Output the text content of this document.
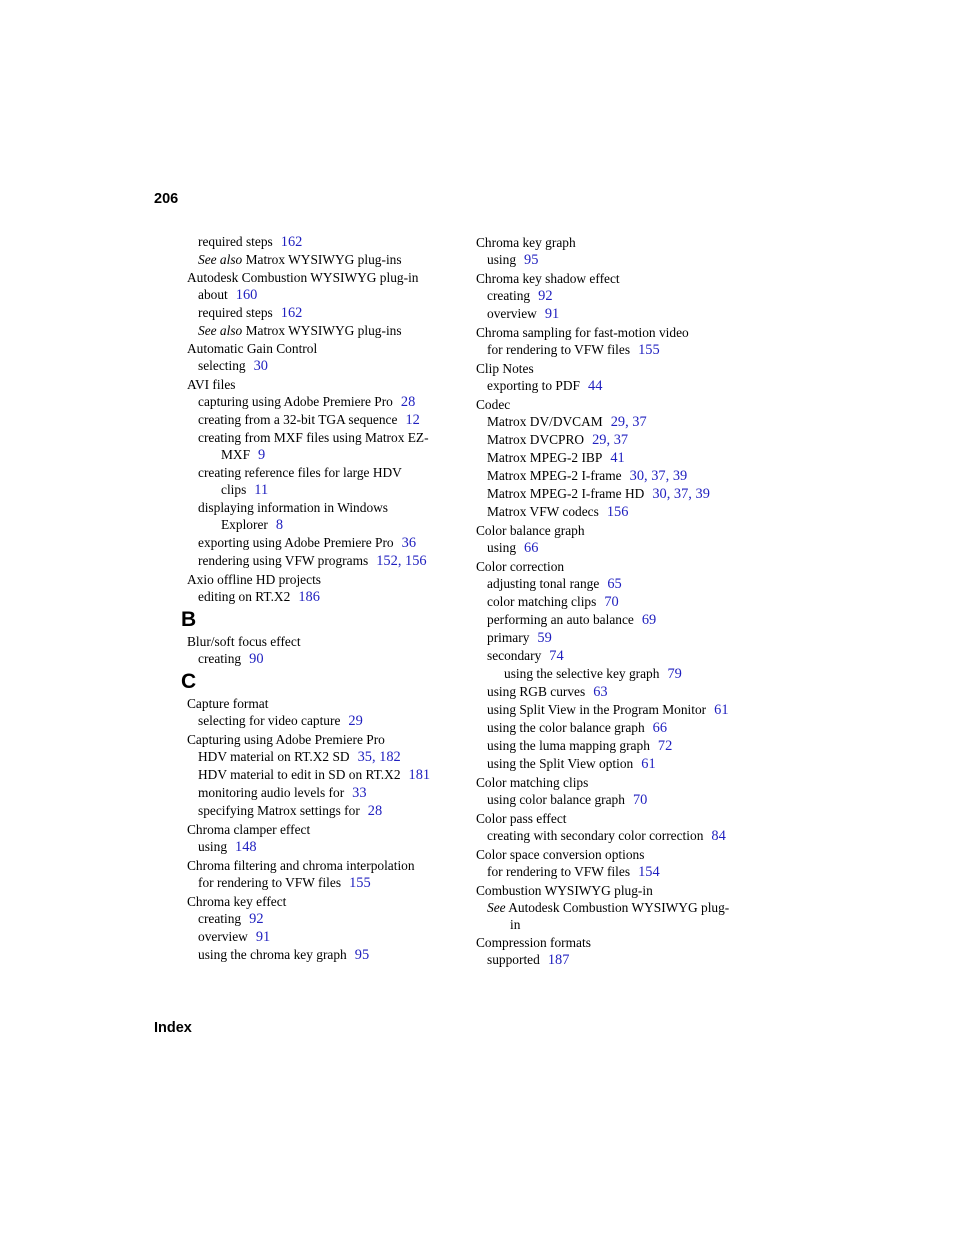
206
required steps 162
See also Matrox WYSIWYG plug-ins
Autodesk Combustion WYSIWYG plug-in
about 160
required steps 162
See also Matrox WYSIWYG plug-ins
Automatic Gain Control
selecting 30
AVI files
capturing using Adobe Premiere Pro 28
creating from a 32-bit TGA sequence 12
creating from MXF files using Matrox EZ-
MXF 9
creating reference files for large HDV
clips 11
displaying information in Windows
Explorer 8
exporting using Adobe Premiere Pro 36
rendering using VFW programs 152, 156
Axio offline HD projects
editing on RT.X2 186
B
Blur/soft focus effect
creating 90
C
Capture format
selecting for video capture 29
Capturing using Adobe Premiere Pro
HDV material on RT.X2 SD 35, 182
HDV material to edit in SD on RT.X2 181
monitoring audio levels for 33
specifying Matrox settings for 28
Chroma clamper effect
using 148
Chroma filtering and chroma interpolation
for rendering to VFW files 155
Chroma key effect
creating 92
overview 91
using the chroma key graph 95
Chroma key graph
using 95
Chroma key shadow effect
creating 92
overview 91
Chroma sampling for fast-motion video
for rendering to VFW files 155
Clip Notes
exporting to PDF 44
Codec
Matrox DV/DVCAM 29, 37
Matrox DVCPRO 29, 37
Matrox MPEG-2 IBP 41
Matrox MPEG-2 I-frame 30, 37, 39
Matrox MPEG-2 I-frame HD 30, 37, 39
Matrox VFW codecs 156
Color balance graph
using 66
Color correction
adjusting tonal range 65
color matching clips 70
performing an auto balance 69
primary 59
secondary 74
using the selective key graph 79
using RGB curves 63
using Split View in the Program Monitor 61
using the color balance graph 66
using the luma mapping graph 72
using the Split View option 61
Color matching clips
using color balance graph 70
Color pass effect
creating with secondary color correction 84
Color space conversion options
for rendering to VFW files 154
Combustion WYSIWYG plug-in
See Autodesk Combustion WYSIWYG plug-
in
Compression formats
supported 187
Index
